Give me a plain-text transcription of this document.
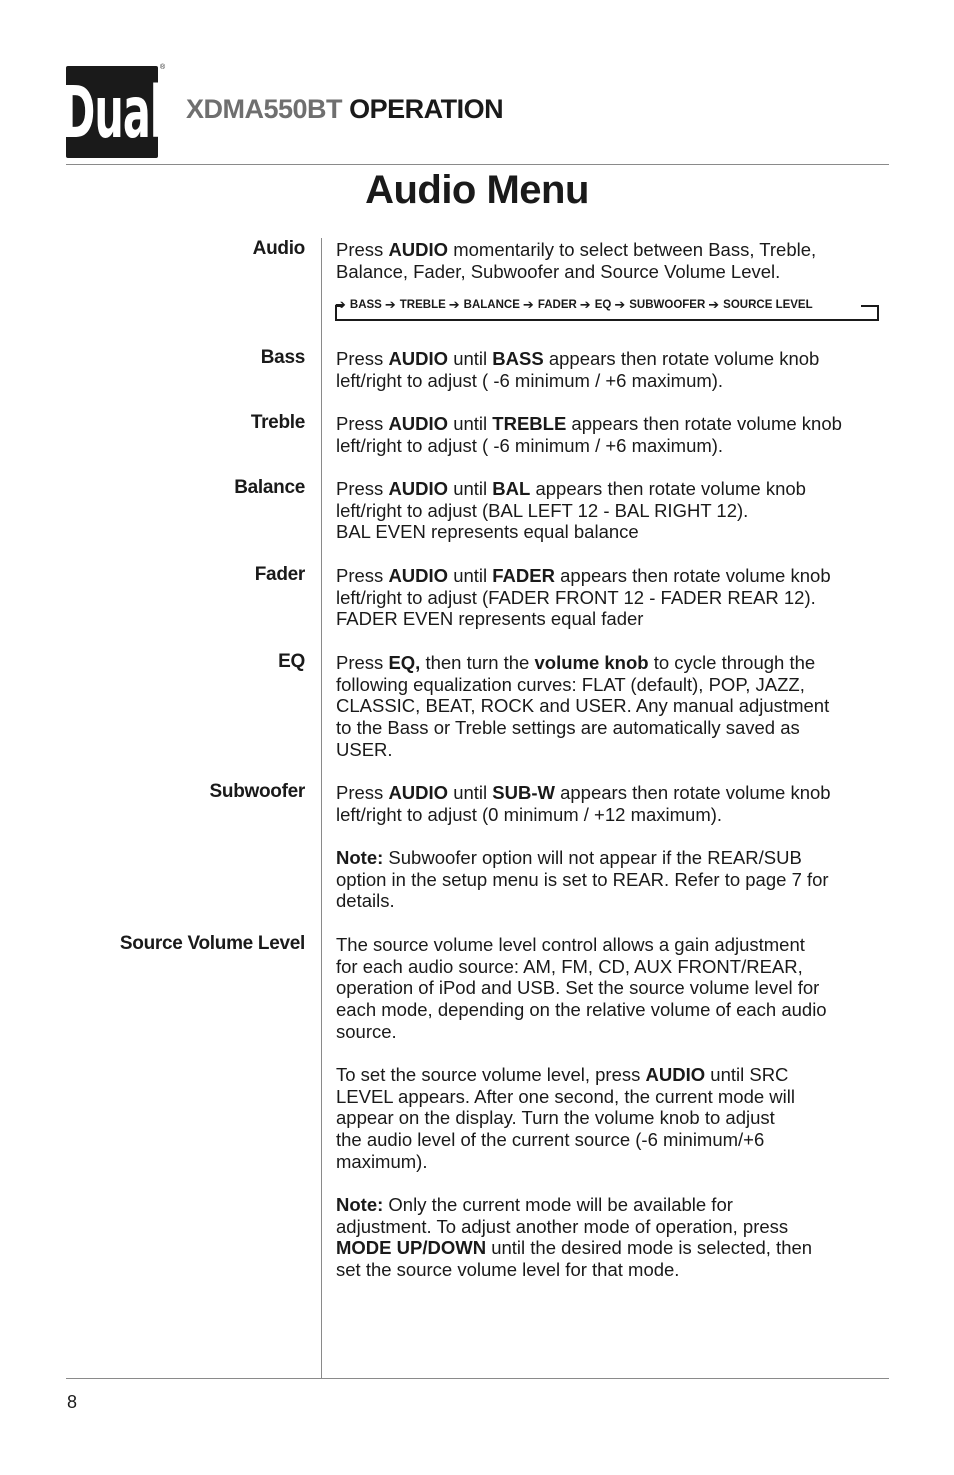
Dual
®
XDMA550BT OPERATION
Audio Menu
Audio Press AUDIO momentarily to select between Bass, Treble,
Balance, Fader, Subwoofer and Source Volume Level.
➔ BASS ➔ TREBLE ➔ BALANCE ➔ FADER ➔ EQ ➔ SUBWOOFER ➔ SOURCE LEVEL
Bass Press AUDIO until BASS appears then rotate volume knob
left/right to adjust ( -6 minimum / +6 maximum).
Treble Press AUDIO until TREBLE appears then rotate volume knob
left/right to adjust ( -6 minimum / +6 maximum).
Balance Press AUDIO until BAL appears then rotate volume knob
left/right to adjust (BAL LEFT 12 - BAL RIGHT 12).
BAL EVEN represents equal balance
Fader Press AUDIO until FADER appears then rotate volume knob
left/right to adjust (FADER FRONT 12 - FADER REAR 12).
FADER EVEN represents equal fader
EQ Press EQ, then turn the volume knob to cycle through the
following equalization curves: FLAT (default), POP, JAZZ,
CLASSIC, BEAT, ROCK and USER. Any manual adjustment
to the Bass or Treble settings are automatically saved as
USER.
Subwoofer Press AUDIO until SUB-W appears then rotate volume knob
left/right to adjust (0 minimum / +12 maximum).
Note: Subwoofer option will not appear if the REAR/SUB
option in the setup menu is set to REAR. Refer to page 7 for
details.
Source Volume Level The source volume level control allows a gain adjustment
for each audio source: AM, FM, CD, AUX FRONT/REAR,
operation of iPod and USB. Set the source volume level for
each mode, depending on the relative volume of each audio
source.
To set the source volume level, press AUDIO until SRC
LEVEL appears. After one second, the current mode will
appear on the display. Turn the volume knob to adjust
the audio level of the current source (-6 minimum/+6
maximum).
Note: Only the current mode will be available for
adjustment. To adjust another mode of operation, press
MODE UP/DOWN until the desired mode is selected, then
set the source volume level for that mode.
8
